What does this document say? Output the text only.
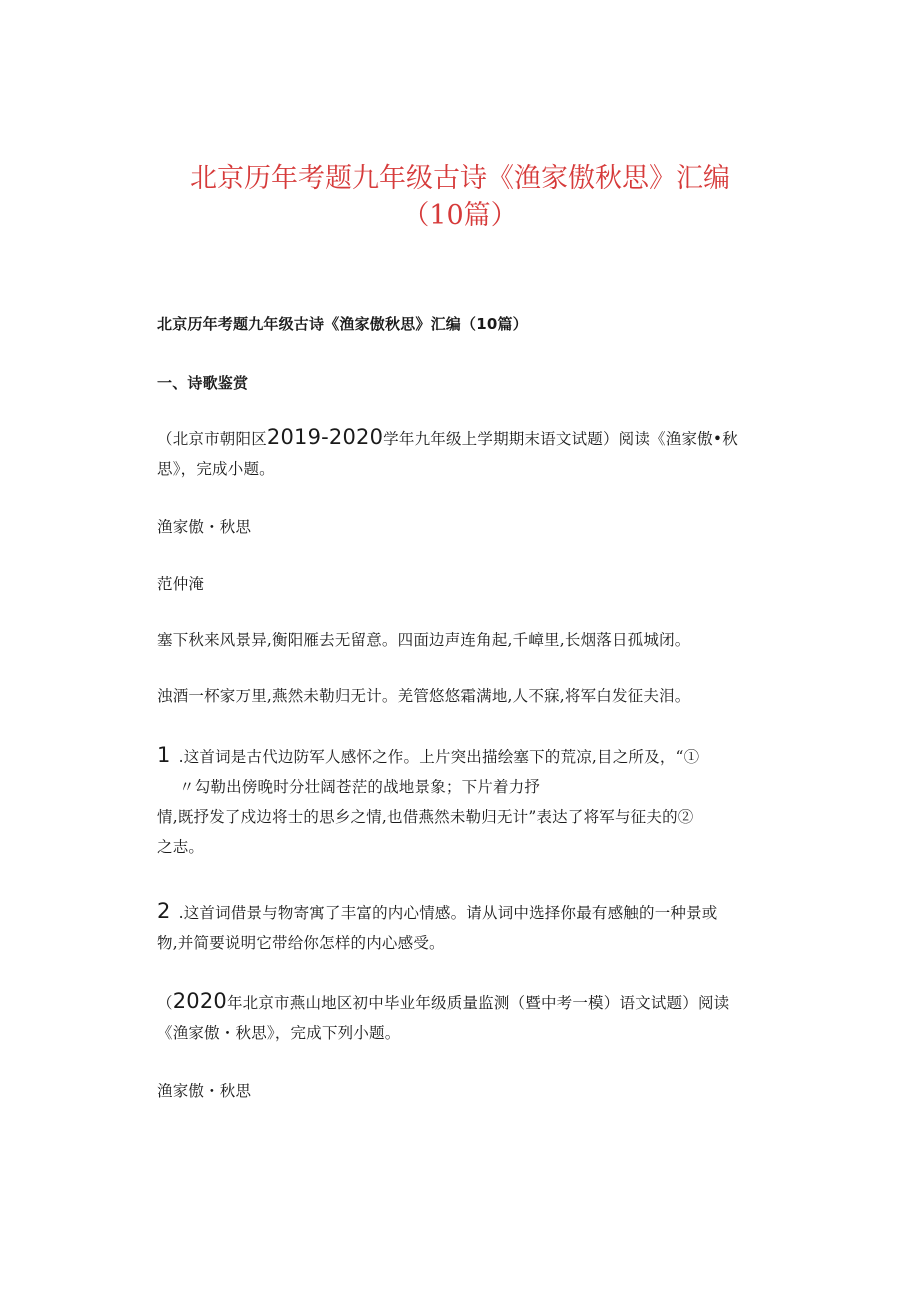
北京历年考题九年级古诗《渔家傲秋思》汇编
（10篇）
北京历年考题九年级古诗《渔家傲秋思》汇编（10篇）
一、诗歌鉴赏
（北京市朝阳区2019-2020学年九年级上学期期末语文试题）阅读《渔家傲•秋
思》，完成小题。
渔家傲・秋思
范仲淹
塞下秋来风景异,衡阳雁去无留意。四面边声连角起,千嶂里,长烟落日孤城闭。
浊酒一杯家万里,燕然未勒归无计。羌管悠悠霜满地,人不寐,将军白发征夫泪。
1 .这首词是古代边防军人感怀之作。上片突出描绘塞下的荒凉,目之所及，“①
〃勾勒出傍晚时分壮阔苍茫的战地景象；下片着力抒
情,既抒发了戍边将士的思乡之情,也借燕然未勒归无计”表达了将军与征夫的②
之志。
2 .这首词借景与物寄寓了丰富的内心情感。请从词中选择你最有感触的一种景或
物,并简要说明它带给你怎样的内心感受。
（2020年北京市燕山地区初中毕业年级质量监测（暨中考一模）语文试题）阅读
《渔家傲・秋思》，完成下列小题。
渔家傲・秋思
